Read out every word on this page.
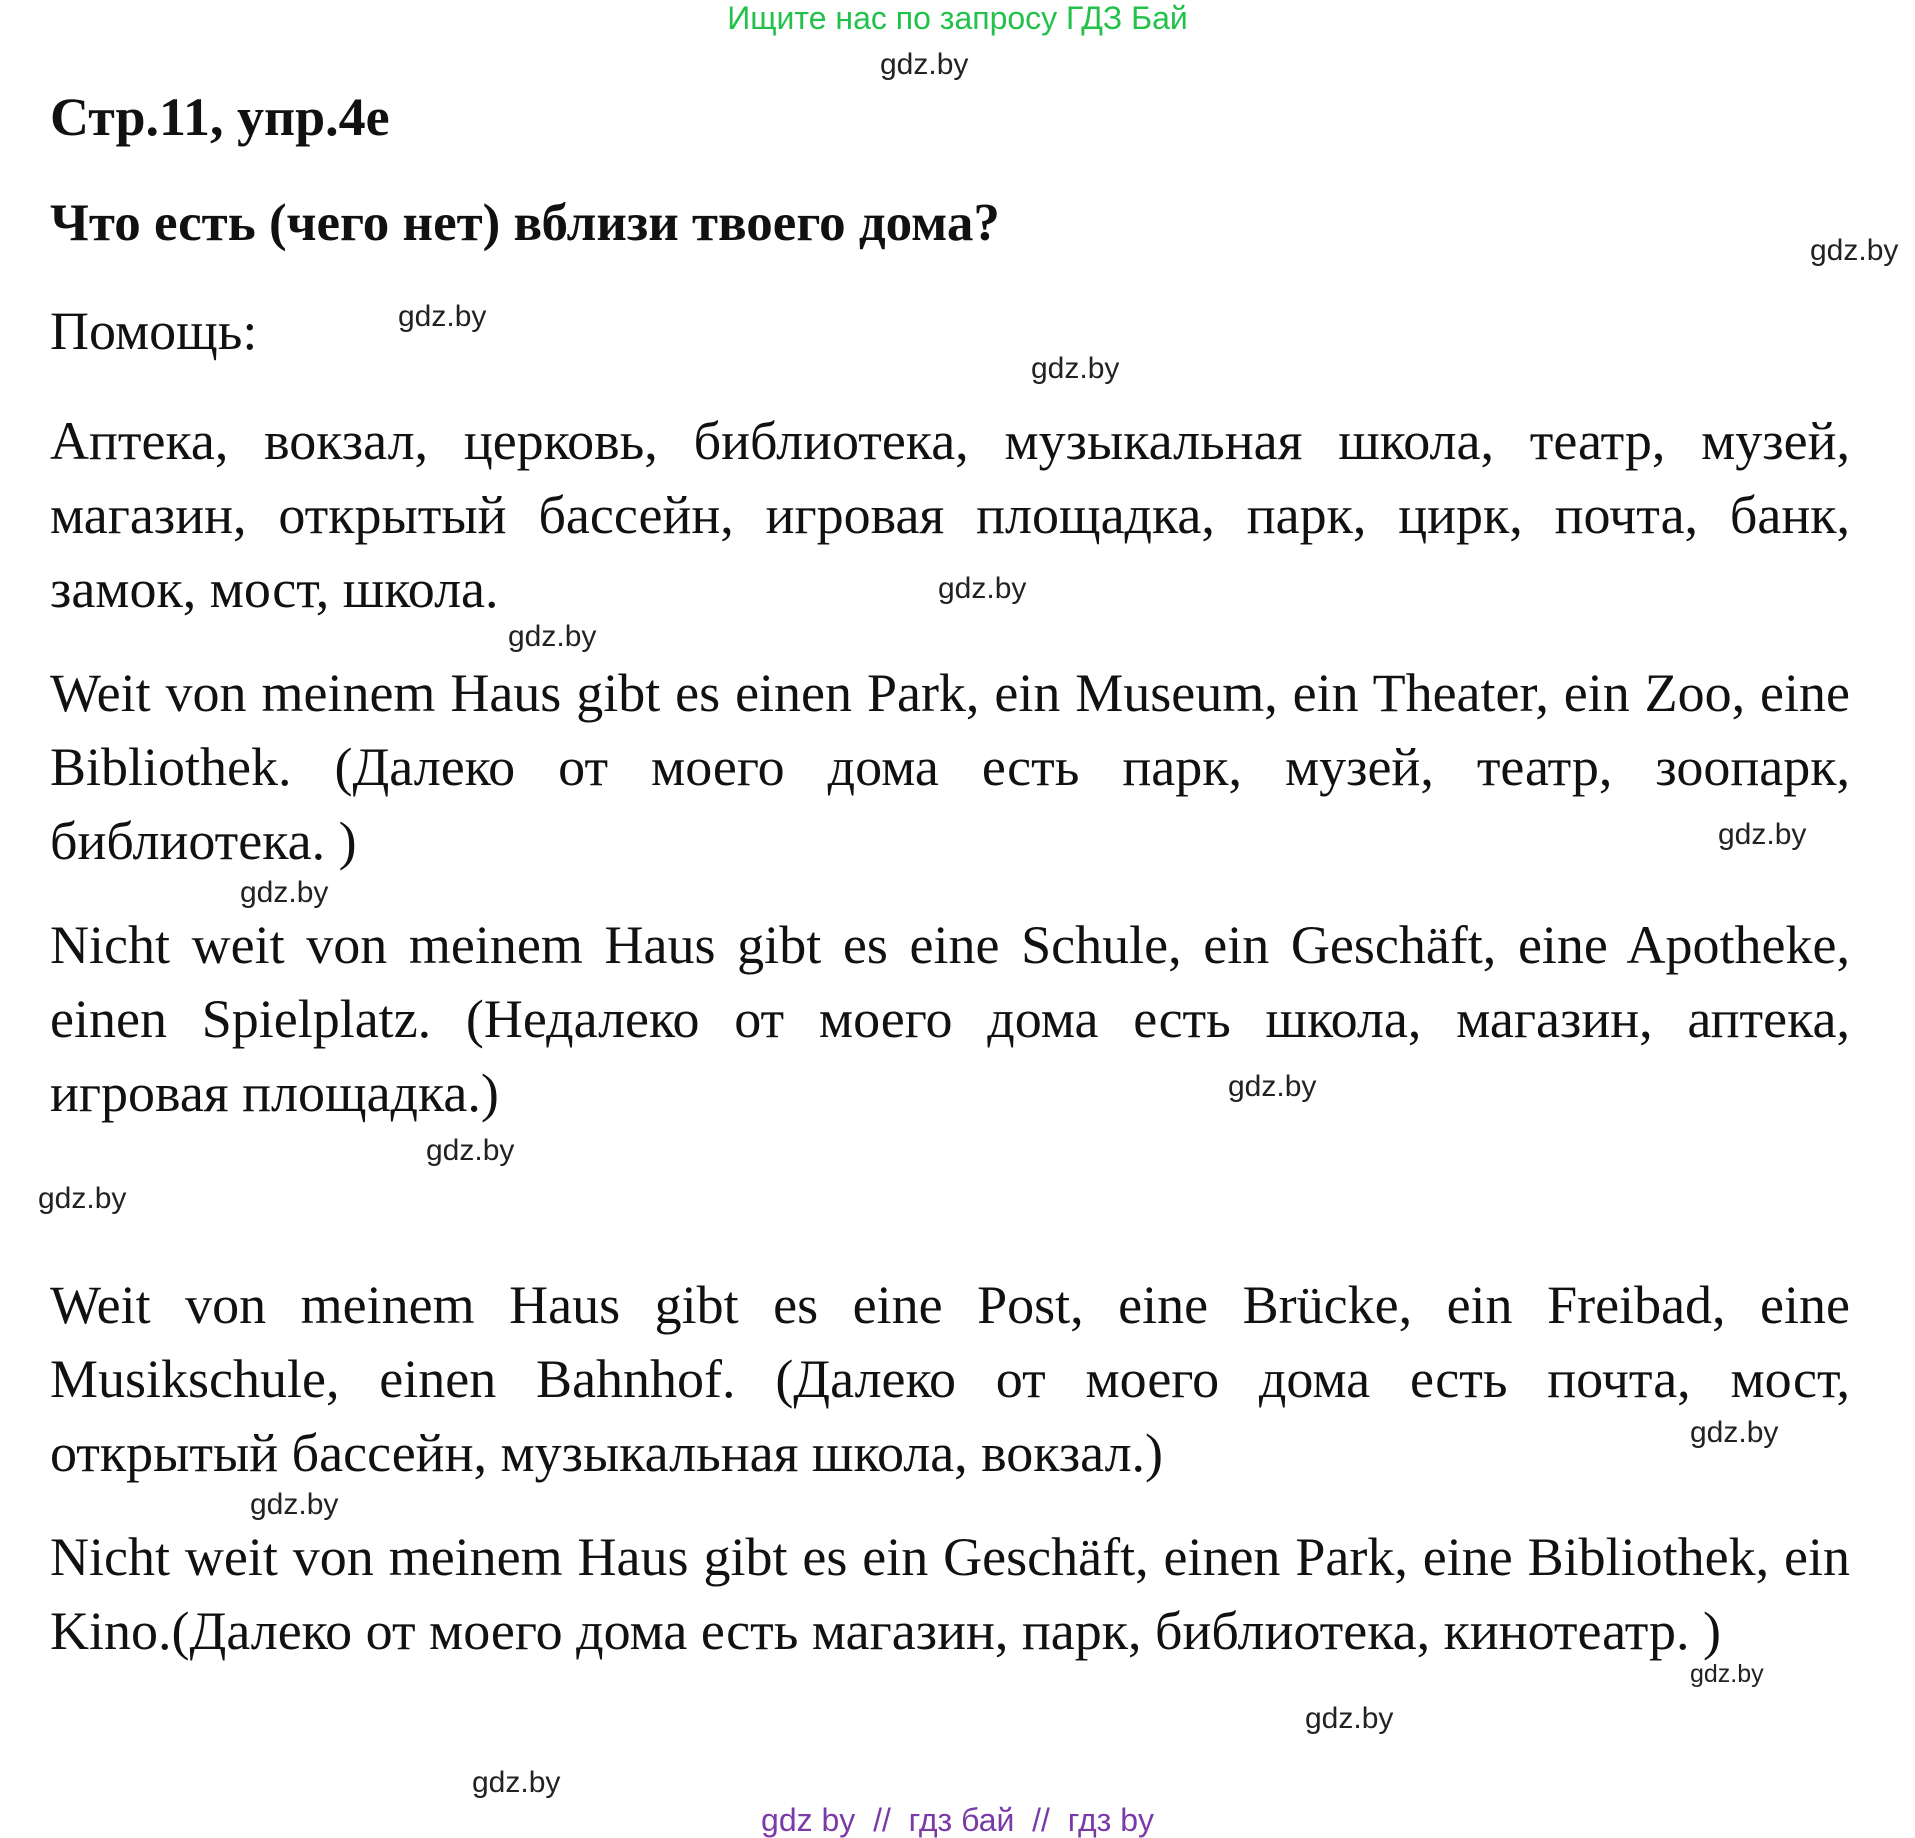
Ищите нас по запросу ГДЗ Бай
Стр.11, упр.4е
Что есть (чего нет) вблизи твоего дома?

Помощь:

Аптека, вокзал, церковь, библиотека, музыкальная школа, театр, музей, магазин, открытый бассейн, игровая площадка, парк, цирк, почта, банк, замок, мост, школа.

Weit von meinem Haus gibt es einen Park, ein Museum, ein Theater, ein Zoo, eine Bibliothek. (Далеко от моего дома есть парк, музей, театр, зоопарк, библиотека. )

Nicht weit von meinem Haus gibt es eine Schule, ein Geschäft, eine Apotheke, einen Spielplatz. (Недалеко от моего дома есть школа, магазин, аптека, игровая площадка.)

Weit von meinem Haus gibt es eine Post, eine Brücke, ein Freibad, eine Musikschule, einen Bahnhof. (Далеко от моего дома есть почта, мост, открытый бассейн, музыкальная школа, вокзал.)

Nicht weit von meinem Haus gibt es ein Geschäft, einen Park, eine Bibliothek, ein Kino.(Далеко от моего дома есть магазин, парк, библиотека, кинотеатр. )

gdz.by
gdz.by
gdz.by
gdz.by
gdz.by
gdz.by
gdz.by
gdz.by
gdz.by
gdz.by
gdz.by
gdz.by
gdz.by
gdz.by
gdz.by
gdz.by
gdz by  //  гдз бай  //  гдз by
